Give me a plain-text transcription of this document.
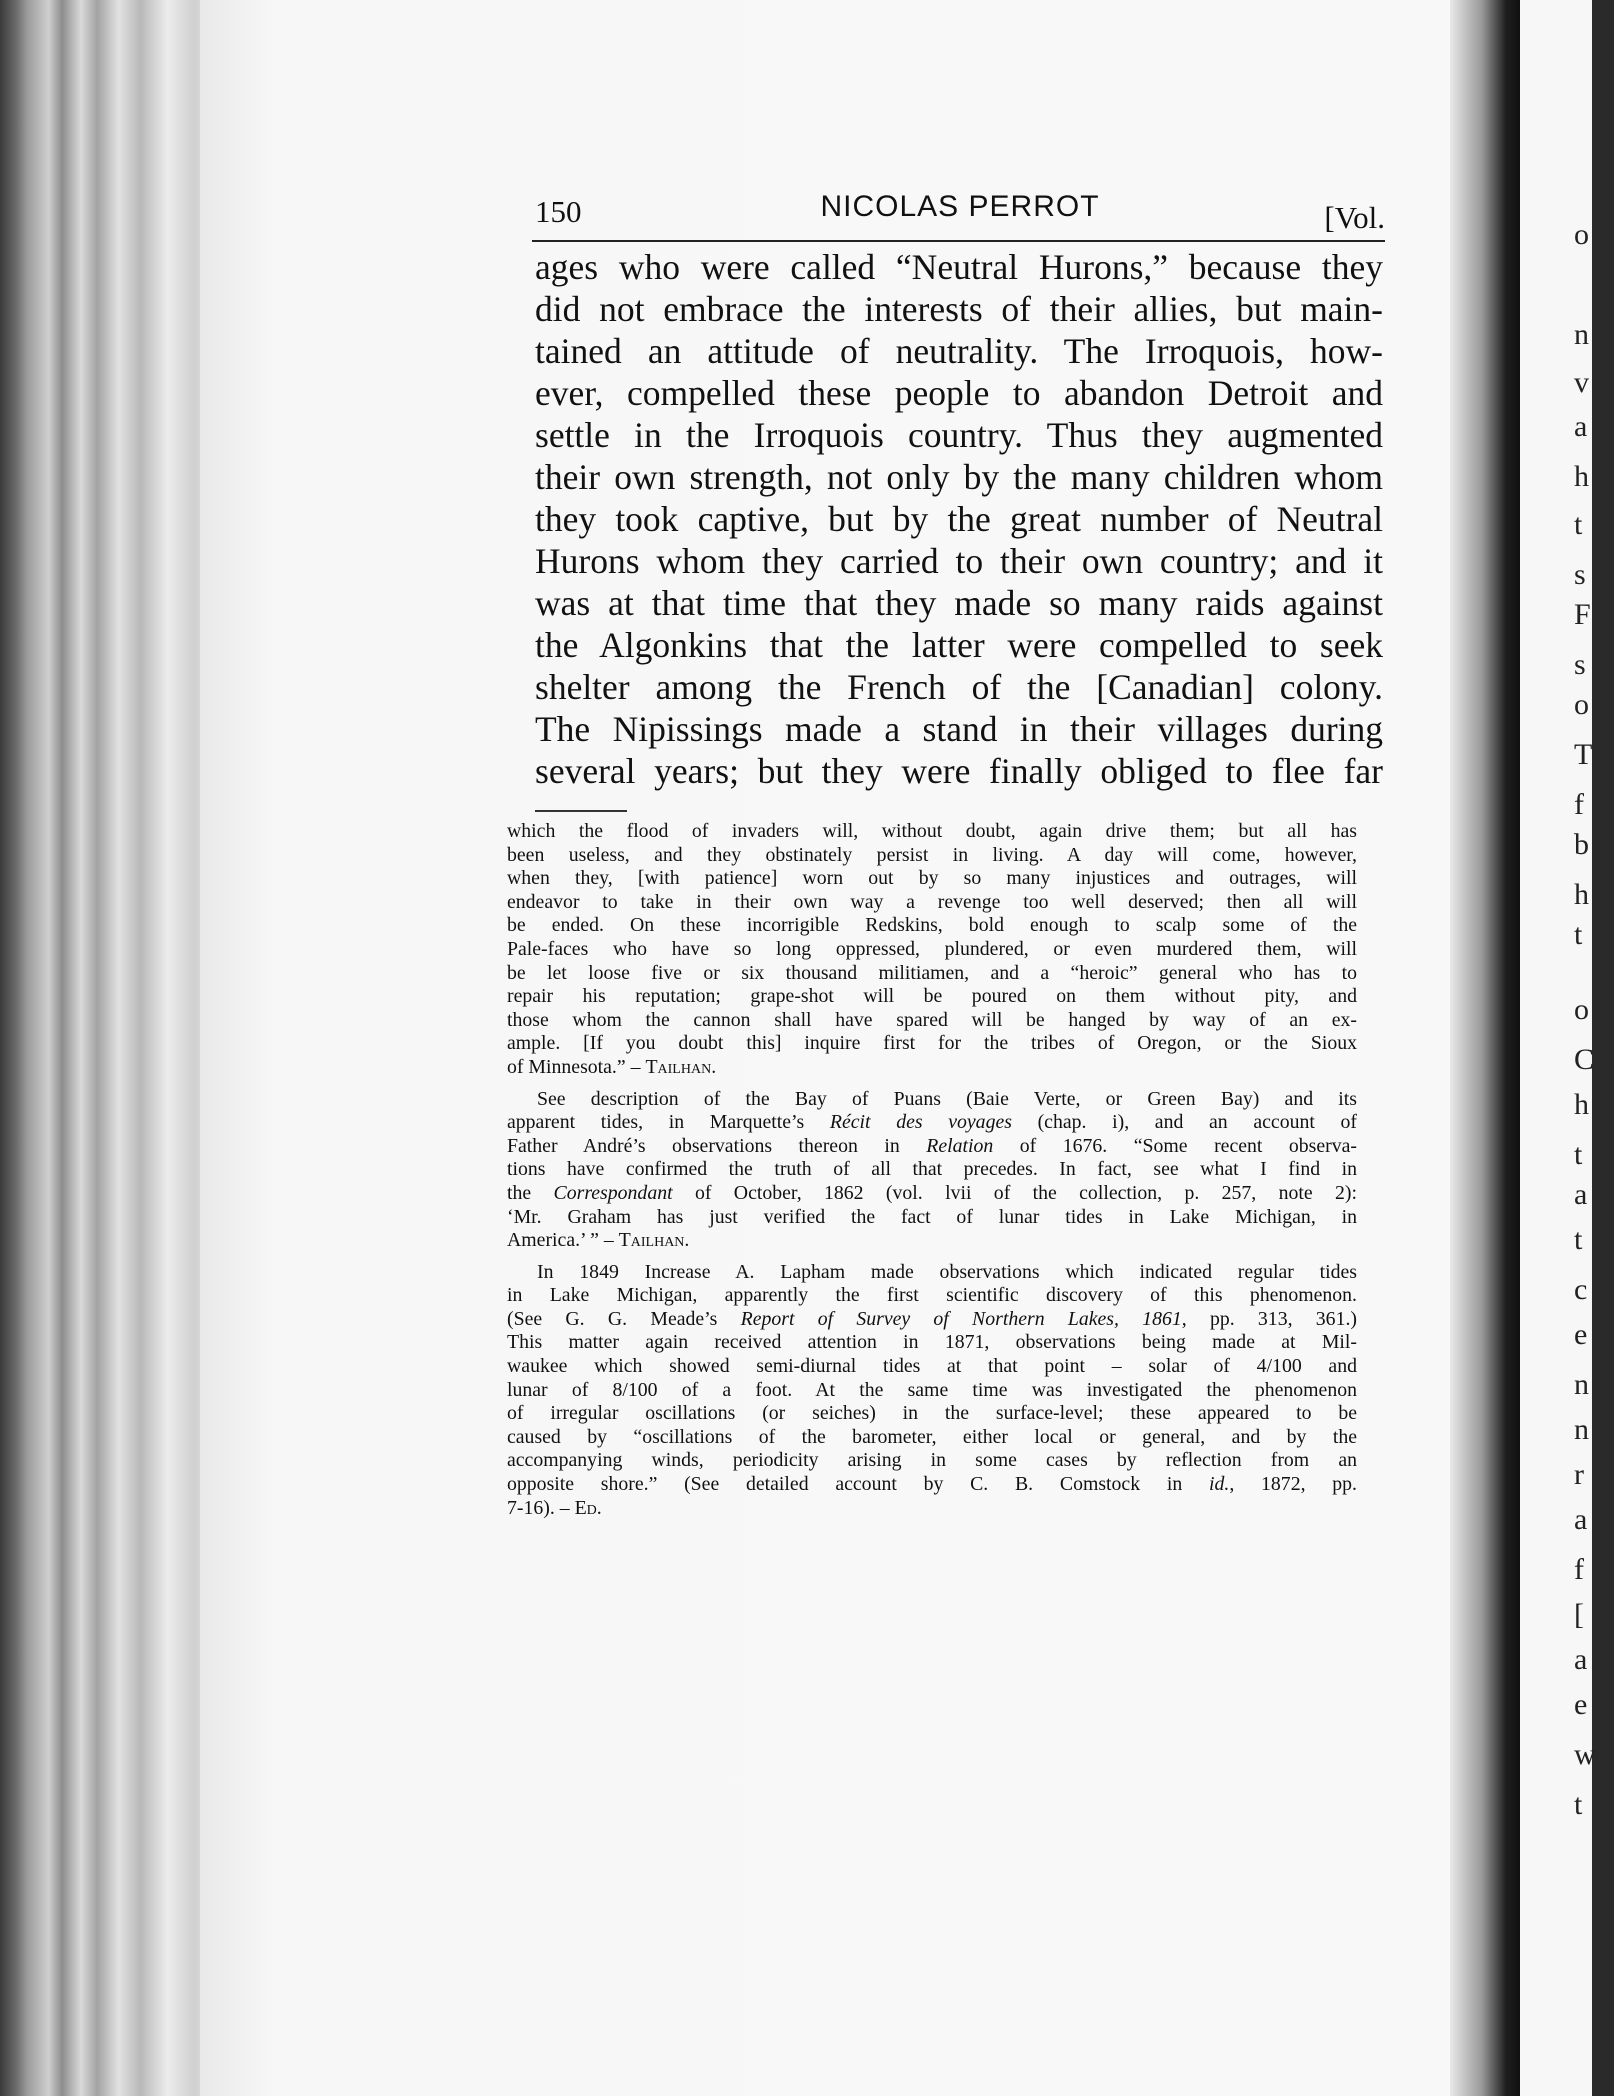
o
n
v
a
h
t
s
F
s
o
T
f
b
h
t
o
C
h
t
a
t
c
e
n
n
r
a
f
[
a
e
w
t
150	NICOLAS PERROT	[Vol.
ages who were called “Neutral Hurons,” because they
did not embrace the interests of their allies, but main-
tained an attitude of neutrality. The Irroquois, how-
ever, compelled these people to abandon Detroit and
settle in the Irroquois country. Thus they augmented
their own strength, not only by the many children whom
they took captive, but by the great number of Neutral
Hurons whom they carried to their own country; and it
was at that time that they made so many raids against
the Algonkins that the latter were compelled to seek
shelter among the French of the [Canadian] colony.
The Nipissings made a stand in their villages during
several years; but they were finally obliged to flee far
which the flood of invaders will, without doubt, again drive them; but all has
been useless, and they obstinately persist in living. A day will come, however,
when they, [with patience] worn out by so many injustices and outrages, will
endeavor to take in their own way a revenge too well deserved; then all will
be ended. On these incorrigible Redskins, bold enough to scalp some of the
Pale-faces who have so long oppressed, plundered, or even murdered them, will
be let loose five or six thousand militiamen, and a “heroic” general who has to
repair his reputation; grape-shot will be poured on them without pity, and
those whom the cannon shall have spared will be hanged by way of an ex-
ample. [If you doubt this] inquire first for the tribes of Oregon, or the Sioux
of Minnesota.” – Tailhan.
See description of the Bay of Puans (Baie Verte, or Green Bay) and its
apparent tides, in Marquette’s Récit des voyages (chap. i), and an account of
Father André’s observations thereon in Relation of 1676. “Some recent observa-
tions have confirmed the truth of all that precedes. In fact, see what I find in
the Correspondant of October, 1862 (vol. lvii of the collection, p. 257, note 2):
‘Mr. Graham has just verified the fact of lunar tides in Lake Michigan, in
America.’ ” – Tailhan.
In 1849 Increase A. Lapham made observations which indicated regular tides
in Lake Michigan, apparently the first scientific discovery of this phenomenon.
(See G. G. Meade’s Report of Survey of Northern Lakes, 1861, pp. 313, 361.)
This matter again received attention in 1871, observations being made at Mil-
waukee which showed semi-diurnal tides at that point – solar of 4/100 and
lunar of 8/100 of a foot. At the same time was investigated the phenomenon
of irregular oscillations (or seiches) in the surface-level; these appeared to be
caused by “oscillations of the barometer, either local or general, and by the
accompanying winds, periodicity arising in some cases by reflection from an
opposite shore.” (See detailed account by C. B. Comstock in id., 1872, pp.
7-16). – Ed.
